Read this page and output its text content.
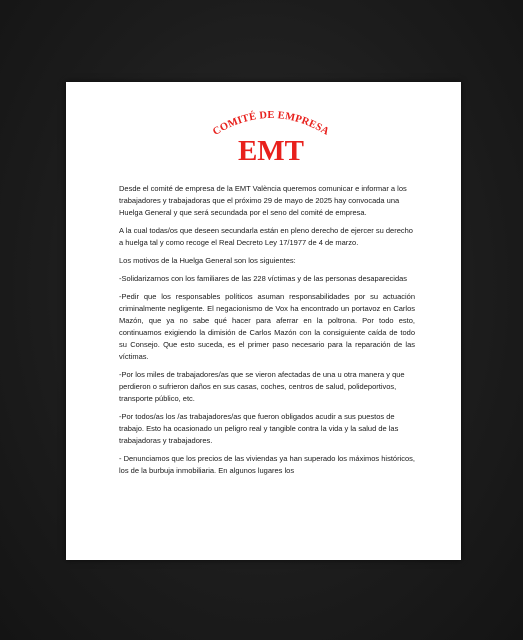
COMITÉ DE EMPRESA
EMT

Desde el comité de empresa de la EMT València queremos comunicar e informar a los trabajadores y trabajadoras que el próximo 29 de mayo de 2025 hay convocada una Huelga General y que será secundada por el seno del comité de empresa.

A la cual todas/os que deseen secundarla están en pleno derecho de ejercer su derecho a huelga tal y como recoge el Real Decreto Ley 17/1977 de 4 de marzo.

Los motivos de la Huelga General son los siguientes:

-Solidarizarnos con los familiares de las 228 víctimas y de las personas desaparecidas

-Pedir que los responsables políticos asuman responsabilidades por su actuación criminalmente negligente. El negacionismo de Vox ha encontrado un portavoz en Carlos Mazón, que ya no sabe qué hacer para aferrar en la poltrona. Por todo esto, continuamos exigiendo la dimisión de Carlos Mazón con la consiguiente caída de todo su Consejo. Que esto suceda, es el primer paso necesario para la reparación de las víctimas.

-Por los miles de trabajadores/as que se vieron afectadas de una u otra manera y que perdieron o sufrieron daños en sus casas, coches, centros de salud, polideportivos, transporte público, etc.

-Por todos/as los /as trabajadores/as que fueron obligados acudir a sus puestos de trabajo. Esto ha ocasionado un peligro real y tangible contra la vida y la salud de las trabajadoras y trabajadores.

- Denunciamos que los precios de las viviendas ya han superado los máximos históricos, los de la burbuja inmobiliaria. En algunos lugares los
